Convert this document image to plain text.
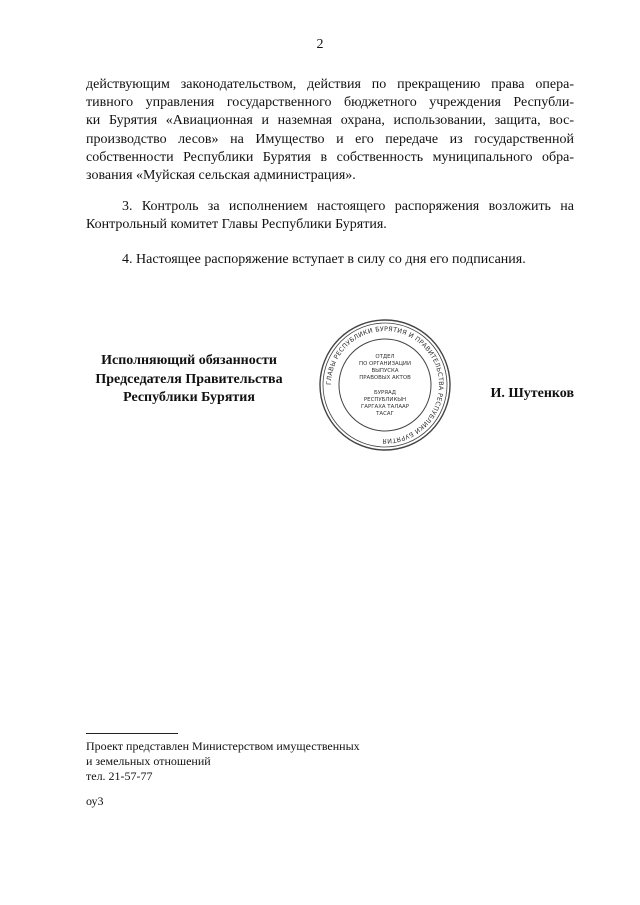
2
действующим законодательством, действия по прекращению права опера-
тивного управления государственного бюджетного учреждения Республи-
ки Бурятия «Авиационная и наземная охрана, использовании, защита, вос-
производство лесов» на Имущество и его передаче из государственной
собственности Республики Бурятия в собственность муниципального обра-
зования «Муйская сельская администрация».
3. Контроль за исполнением настоящего распоряжения возложить на
Контрольный комитет Главы Республики Бурятия.
4. Настоящее распоряжение вступает в силу со дня его подписания.
Исполняющий обязанности
Председателя Правительства
Республики Бурятия
ГЛАВЫ РЕСПУБЛИКИ БУРЯТИЯ И ПРАВИТЕЛЬСТВА РЕСПУБЛИКИ БУРЯТИЯ
ОТДЕЛ
ПО ОРГАНИЗАЦИИ
ВЫПУСКА
ПРАВОВЫХ АКТОВ
БУРЯАД
РЕСПУБЛИКЫН
ГАРГАХА ТАЛААР
ТАСАГ
И. Шутенков
Проект представлен Министерством имущественных
и земельных отношений
тел. 21-57-77
оу3
